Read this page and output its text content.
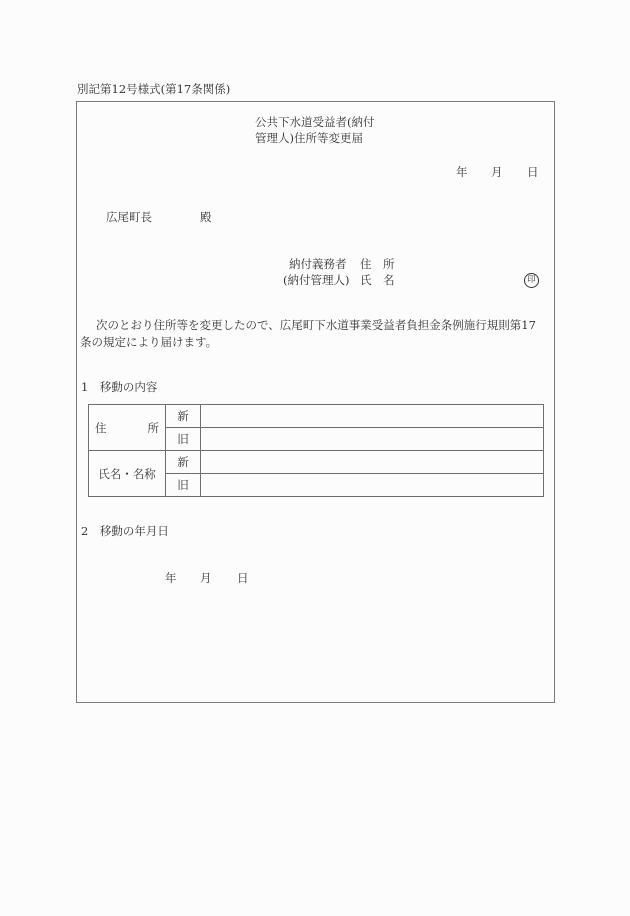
別記第12号様式(第17条関係)
公共下水道受益者(納付
管理人)住所等変更届
年 月 日
広尾町長	殿
納付義務者 住　所
(納付管理人) 氏　名	印
次のとおり住所等を変更したので、広尾町下水道事業受益者負担金条例施行規則第17
条の規定により届けます。
1　移動の内容
住 所	新	
	旧	
氏名・名称	新	
	旧	
2　移動の年月日
年 月 日
